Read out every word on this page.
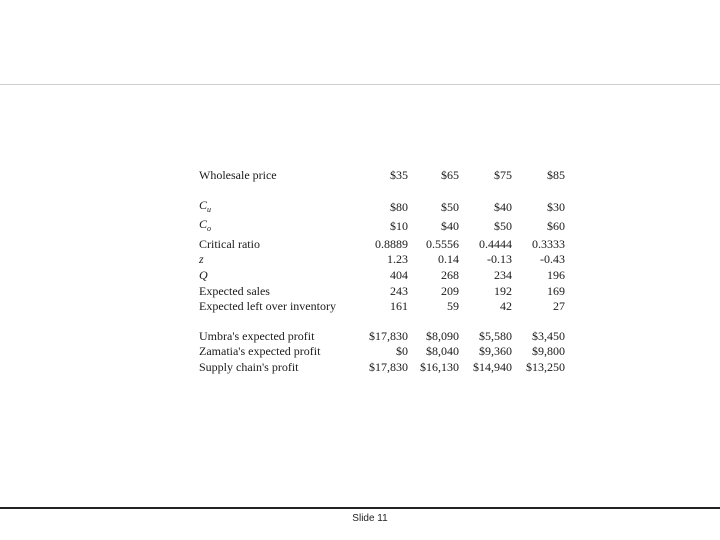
Wholesale price	$35	$65	$75	$85

$C_u$	$80	$50	$40	$30
$C_o$	$10	$40	$50	$60
Critical ratio	0.8889	0.5556	0.4444	0.3333
z	1.23	0.14	-0.13	-0.43
Q	404	268	234	196
Expected sales	243	209	192	169
Expected left over inventory	161	59	42	27

Umbra's expected profit	$17,830	$8,090	$5,580	$3,450
Zamatia's expected profit	$0	$8,040	$9,360	$9,800
Supply chain's profit	$17,830	$16,130	$14,940	$13,250
Slide 11
